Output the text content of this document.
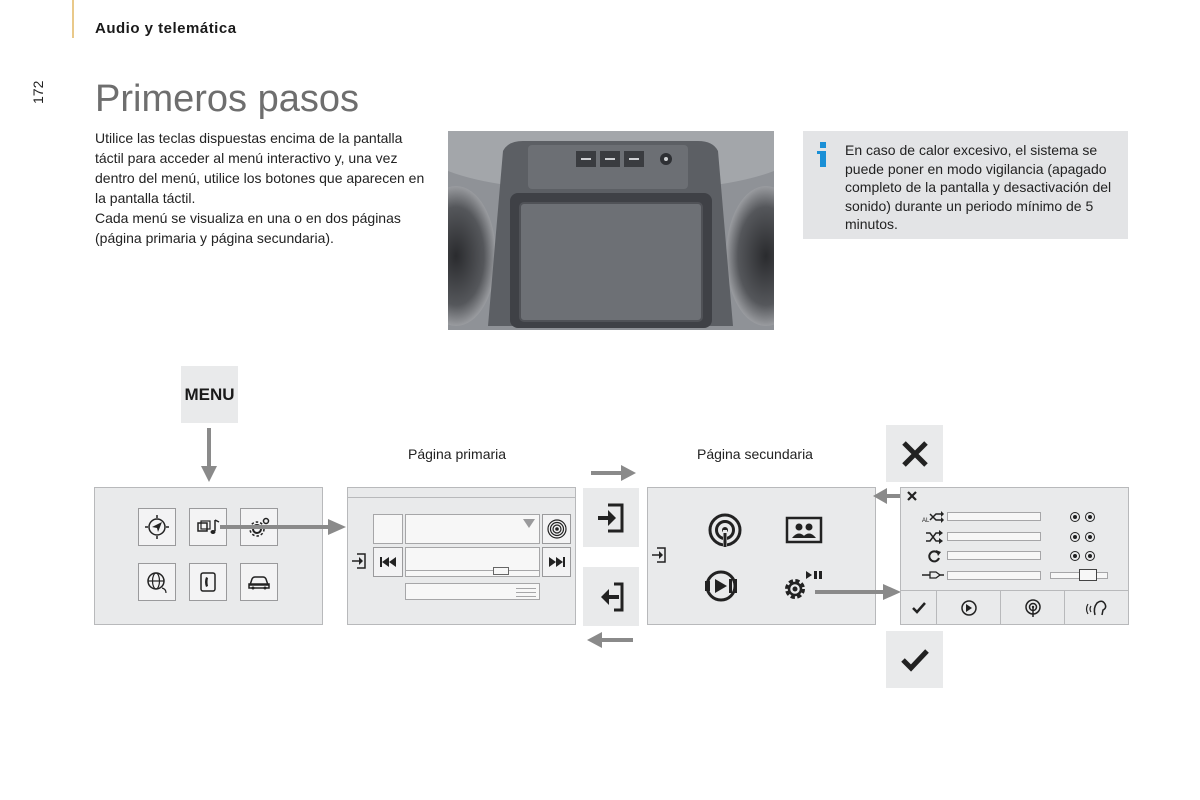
Audio y telemática
172 Primeros pasos

Utilice las teclas dispuestas encima de la pantalla táctil para acceder al menú interactivo y, una vez dentro del menú, utilice los botones que aparecen en la pantalla táctil.

Cada menú se visualiza en una o en dos páginas (página primaria y página secundaria).

En caso de calor excesivo, el sistema se puede poner en modo vigilancia (apagado completo de la pantalla y desactivación del sonido) durante un periodo mínimo de 5 minutos.
MENU
Página primaria	Página secundaria
AL
